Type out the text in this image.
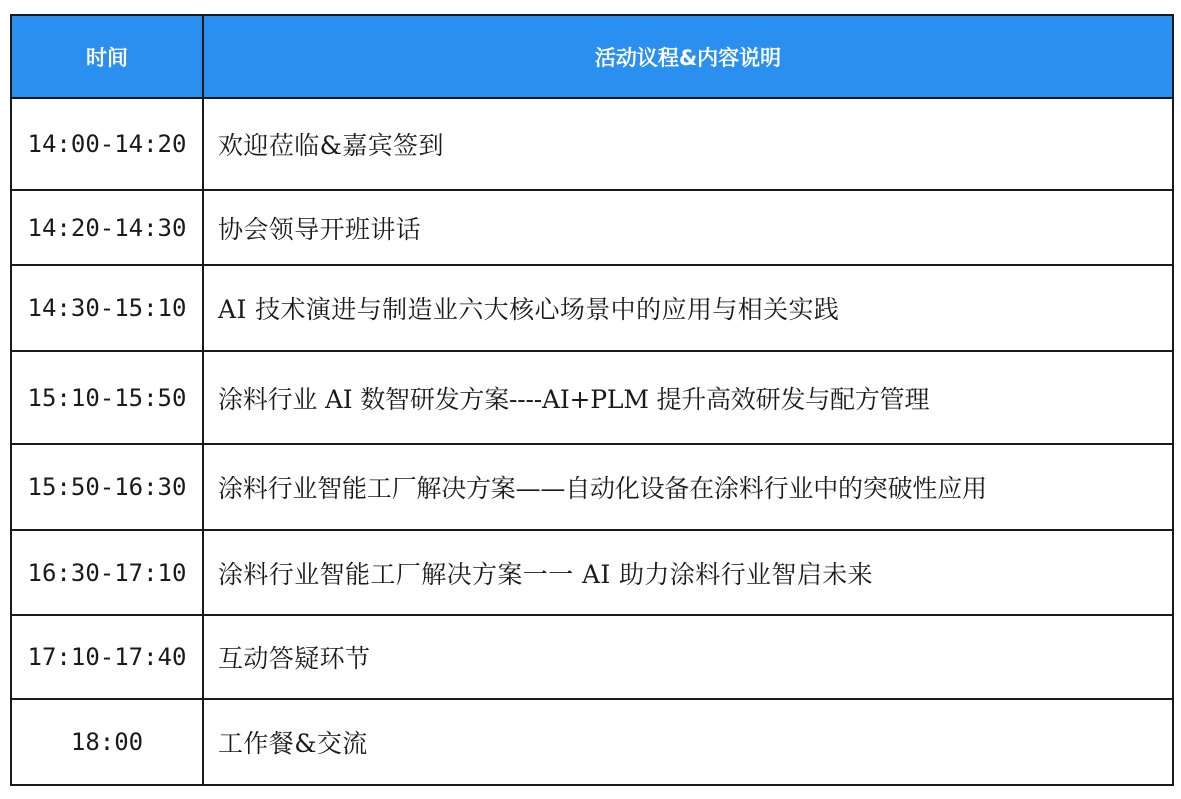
时间	活动议程&内容说明
14:00-14:20	欢迎莅临&嘉宾签到
14:20-14:30	协会领导开班讲话
14:30-15:10	AI 技术演进与制造业六大核心场景中的应用与相关实践
15:10-15:50	涂料行业 AI 数智研发方案----AI+PLM 提升高效研发与配方管理
15:50-16:30	涂料行业智能工厂解决方案——自动化设备在涂料行业中的突破性应用
16:30-17:10	涂料行业智能工厂解决方案一一 AI 助力涂料行业智启未来
17:10-17:40	互动答疑环节
18:00	工作餐&交流
